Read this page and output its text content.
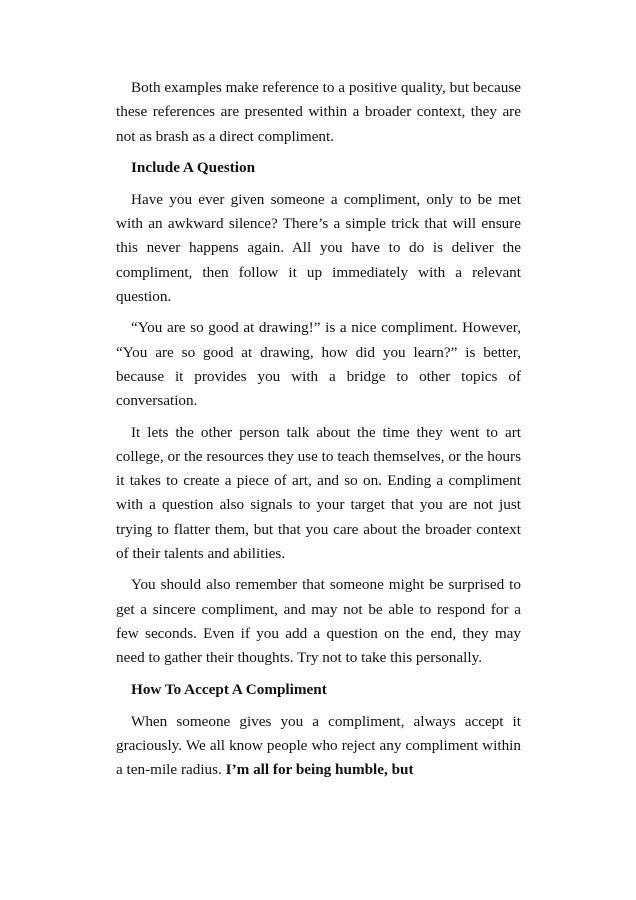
Both examples make reference to a positive quality, but because these references are presented within a broader context, they are not as brash as a direct compliment.

Include A Question

Have you ever given someone a compliment, only to be met with an awkward silence? There’s a simple trick that will ensure this never happens again. All you have to do is deliver the compliment, then follow it up immediately with a relevant question.

“You are so good at drawing!” is a nice compliment. However, “You are so good at drawing, how did you learn?” is better, because it provides you with a bridge to other topics of conversation.

It lets the other person talk about the time they went to art college, or the resources they use to teach themselves, or the hours it takes to create a piece of art, and so on. Ending a compliment with a question also signals to your target that you are not just trying to flatter them, but that you care about the broader context of their talents and abilities.

You should also remember that someone might be surprised to get a sincere compliment, and may not be able to respond for a few seconds. Even if you add a question on the end, they may need to gather their thoughts. Try not to take this personally.

How To Accept A Compliment

When someone gives you a compliment, always accept it graciously. We all know people who reject any compliment within a ten-mile radius. I’m all for being humble, but
